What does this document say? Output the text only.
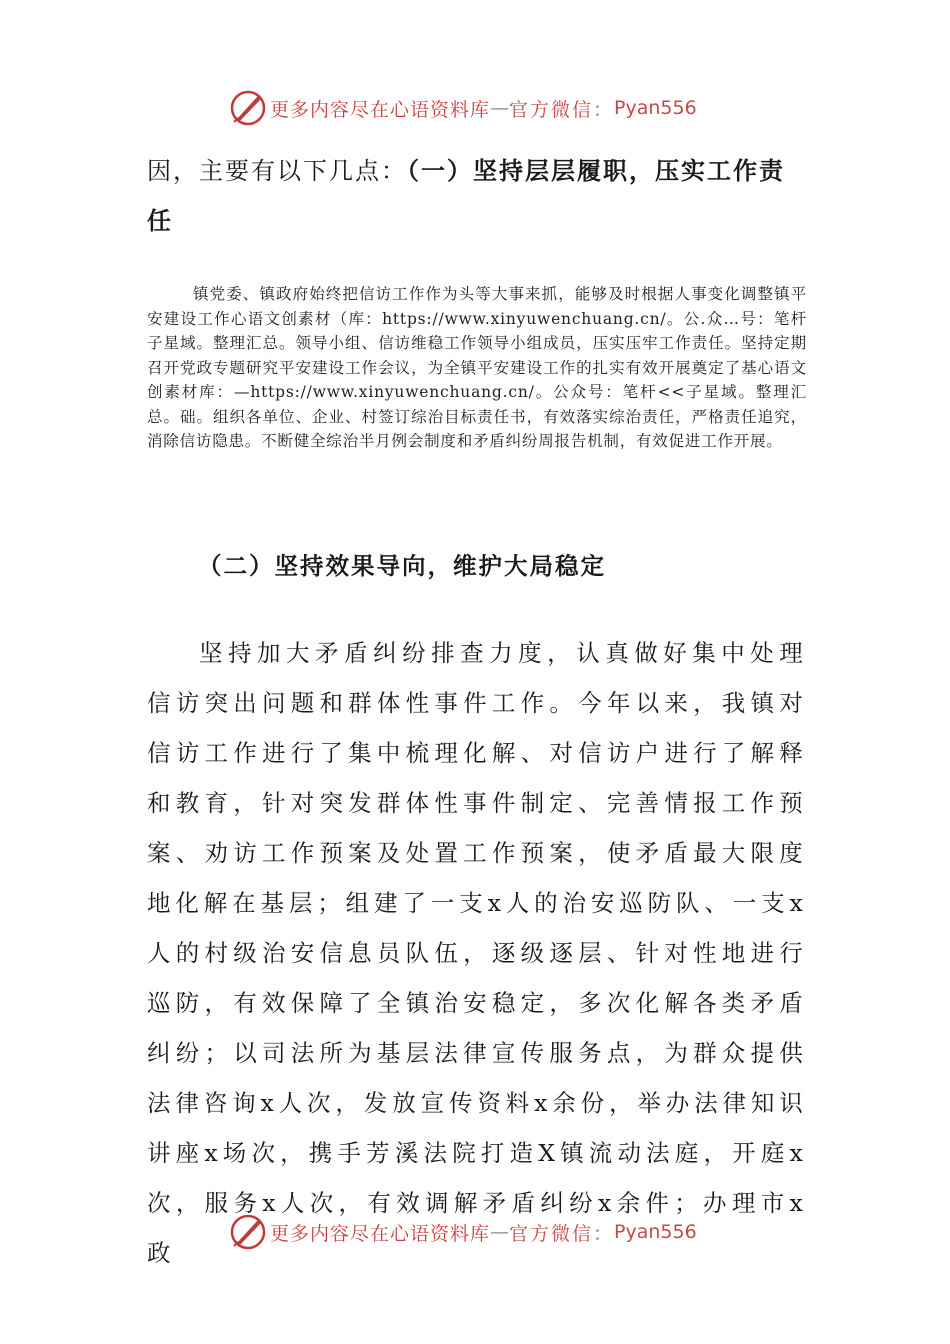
更多内容尽在心语资料库 — 官方微信： Pyan556
因，主要有以下几点：（一）坚持层层履职，压实工作责任

镇党委、镇政府始终把信访工作作为头等大事来抓，能够及时根据人事变化调整镇平安建设工作心语文创素材（库：https://www.xinyuwenchuang.cn/。公.众…号：笔杆子星域。整理汇总。领导小组、信访维稳工作领导小组成员，压实压牢工作责任。坚持定期召开党政专题研究平安建设工作会议，为全镇平安建设工作的扎实有效开展奠定了基心语文创素材库：—https://www.xinyuwenchuang.cn/。公众号：笔杆<<子星域。整理汇总。础。组织各单位、企业、村签订综治目标责任书，有效落实综治责任，严格责任追究，消除信访隐患。不断健全综治半月例会制度和矛盾纠纷周报告机制，有效促进工作开展。

（二）坚持效果导向，维护大局稳定

坚持加大矛盾纠纷排查力度，认真做好集中处理信访突出问题和群体性事件工作。今年以来，我镇对信访工作进行了集中梳理化解、对信访户进行了解释和教育，针对突发群体性事件制定、完善情报工作预案、劝访工作预案及处置工作预案，使矛盾最大限度地化解在基层；组建了一支x人的治安巡防队、一支x人的村级治安信息员队伍，逐级逐层、针对性地进行巡防，有效保障了全镇治安稳定，多次化解各类矛盾纠纷；以司法所为基层法律宣传服务点，为群众提供法律咨询x人次，发放宣传资料x余份，举办法律知识讲座x场次，携手芳溪法院打造X镇流动法庭，开庭x次，服务x人次，有效调解矛盾纠纷x余件；办理市x政

更多内容尽在心语资料库 — 官方微信： Pyan556
